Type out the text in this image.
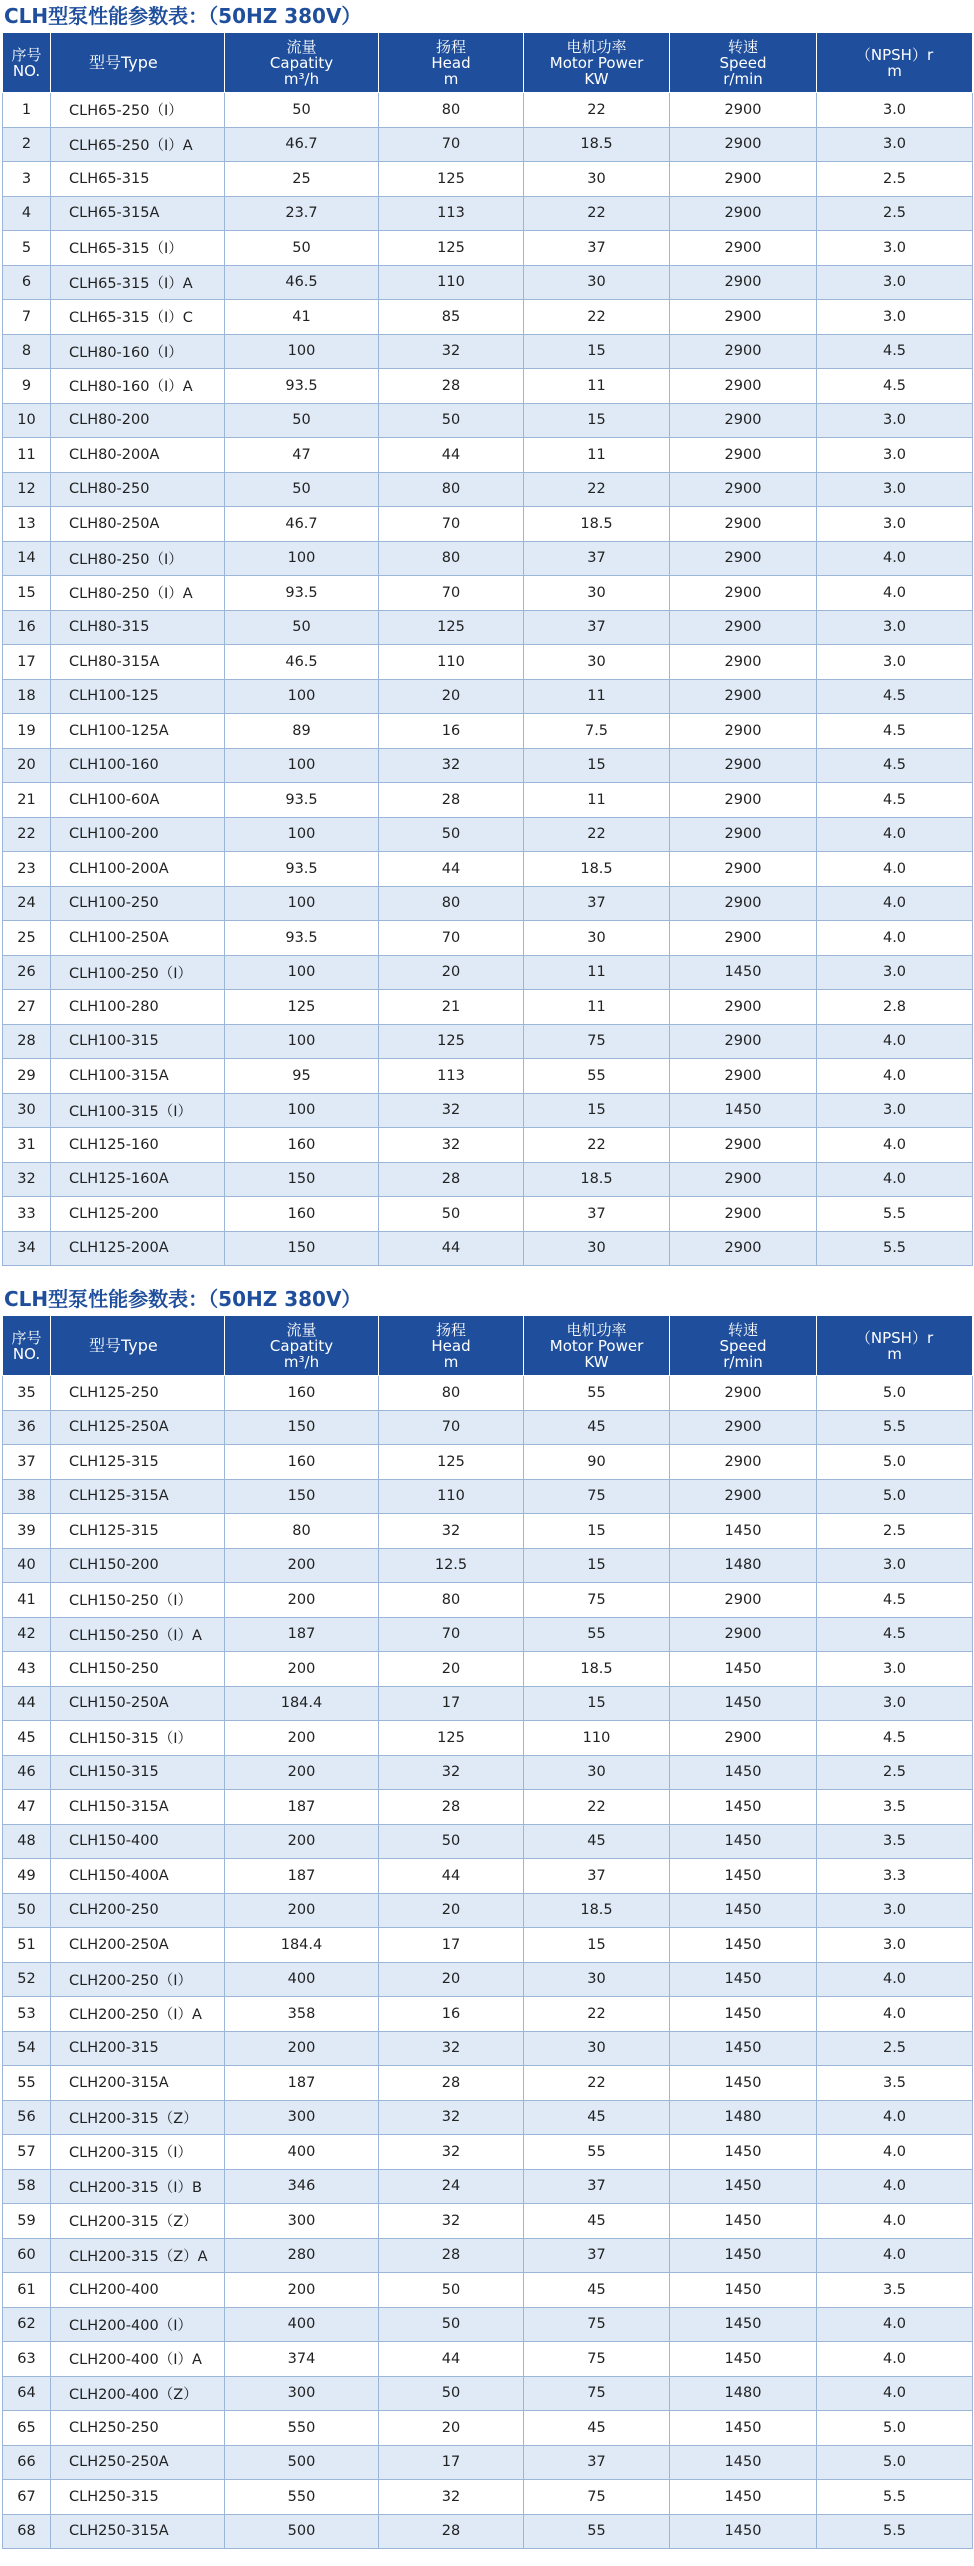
CLH型泵性能参数表：（50HZ 380V）
序号
NO.	型号Type	流量
Capatity
m³/h	扬程
Head
m	电机功率
Motor Power
KW	转速
Speed
r/min	（NPSH）r
m
1	CLH65-250（I）	50	80	22	2900	3.0
2	CLH65-250（I）A	46.7	70	18.5	2900	3.0
3	CLH65-315	25	125	30	2900	2.5
4	CLH65-315A	23.7	113	22	2900	2.5
5	CLH65-315（I）	50	125	37	2900	3.0
6	CLH65-315（I）A	46.5	110	30	2900	3.0
7	CLH65-315（I）C	41	85	22	2900	3.0
8	CLH80-160（I）	100	32	15	2900	4.5
9	CLH80-160（I）A	93.5	28	11	2900	4.5
10	CLH80-200	50	50	15	2900	3.0
11	CLH80-200A	47	44	11	2900	3.0
12	CLH80-250	50	80	22	2900	3.0
13	CLH80-250A	46.7	70	18.5	2900	3.0
14	CLH80-250（I）	100	80	37	2900	4.0
15	CLH80-250（I）A	93.5	70	30	2900	4.0
16	CLH80-315	50	125	37	2900	3.0
17	CLH80-315A	46.5	110	30	2900	3.0
18	CLH100-125	100	20	11	2900	4.5
19	CLH100-125A	89	16	7.5	2900	4.5
20	CLH100-160	100	32	15	2900	4.5
21	CLH100-60A	93.5	28	11	2900	4.5
22	CLH100-200	100	50	22	2900	4.0
23	CLH100-200A	93.5	44	18.5	2900	4.0
24	CLH100-250	100	80	37	2900	4.0
25	CLH100-250A	93.5	70	30	2900	4.0
26	CLH100-250（I）	100	20	11	1450	3.0
27	CLH100-280	125	21	11	2900	2.8
28	CLH100-315	100	125	75	2900	4.0
29	CLH100-315A	95	113	55	2900	4.0
30	CLH100-315（I）	100	32	15	1450	3.0
31	CLH125-160	160	32	22	2900	4.0
32	CLH125-160A	150	28	18.5	2900	4.0
33	CLH125-200	160	50	37	2900	5.5
34	CLH125-200A	150	44	30	2900	5.5
CLH型泵性能参数表：（50HZ 380V）
序号
NO.	型号Type	流量
Capatity
m³/h	扬程
Head
m	电机功率
Motor Power
KW	转速
Speed
r/min	（NPSH）r
m
35	CLH125-250	160	80	55	2900	5.0
36	CLH125-250A	150	70	45	2900	5.5
37	CLH125-315	160	125	90	2900	5.0
38	CLH125-315A	150	110	75	2900	5.0
39	CLH125-315	80	32	15	1450	2.5
40	CLH150-200	200	12.5	15	1480	3.0
41	CLH150-250（I）	200	80	75	2900	4.5
42	CLH150-250（I）A	187	70	55	2900	4.5
43	CLH150-250	200	20	18.5	1450	3.0
44	CLH150-250A	184.4	17	15	1450	3.0
45	CLH150-315（I）	200	125	110	2900	4.5
46	CLH150-315	200	32	30	1450	2.5
47	CLH150-315A	187	28	22	1450	3.5
48	CLH150-400	200	50	45	1450	3.5
49	CLH150-400A	187	44	37	1450	3.3
50	CLH200-250	200	20	18.5	1450	3.0
51	CLH200-250A	184.4	17	15	1450	3.0
52	CLH200-250（I）	400	20	30	1450	4.0
53	CLH200-250（I）A	358	16	22	1450	4.0
54	CLH200-315	200	32	30	1450	2.5
55	CLH200-315A	187	28	22	1450	3.5
56	CLH200-315（Z）	300	32	45	1480	4.0
57	CLH200-315（I）	400	32	55	1450	4.0
58	CLH200-315（I）B	346	24	37	1450	4.0
59	CLH200-315（Z）	300	32	45	1450	4.0
60	CLH200-315（Z）A	280	28	37	1450	4.0
61	CLH200-400	200	50	45	1450	3.5
62	CLH200-400（I）	400	50	75	1450	4.0
63	CLH200-400（I）A	374	44	75	1450	4.0
64	CLH200-400（Z）	300	50	75	1480	4.0
65	CLH250-250	550	20	45	1450	5.0
66	CLH250-250A	500	17	37	1450	5.0
67	CLH250-315	550	32	75	1450	5.5
68	CLH250-315A	500	28	55	1450	5.5
